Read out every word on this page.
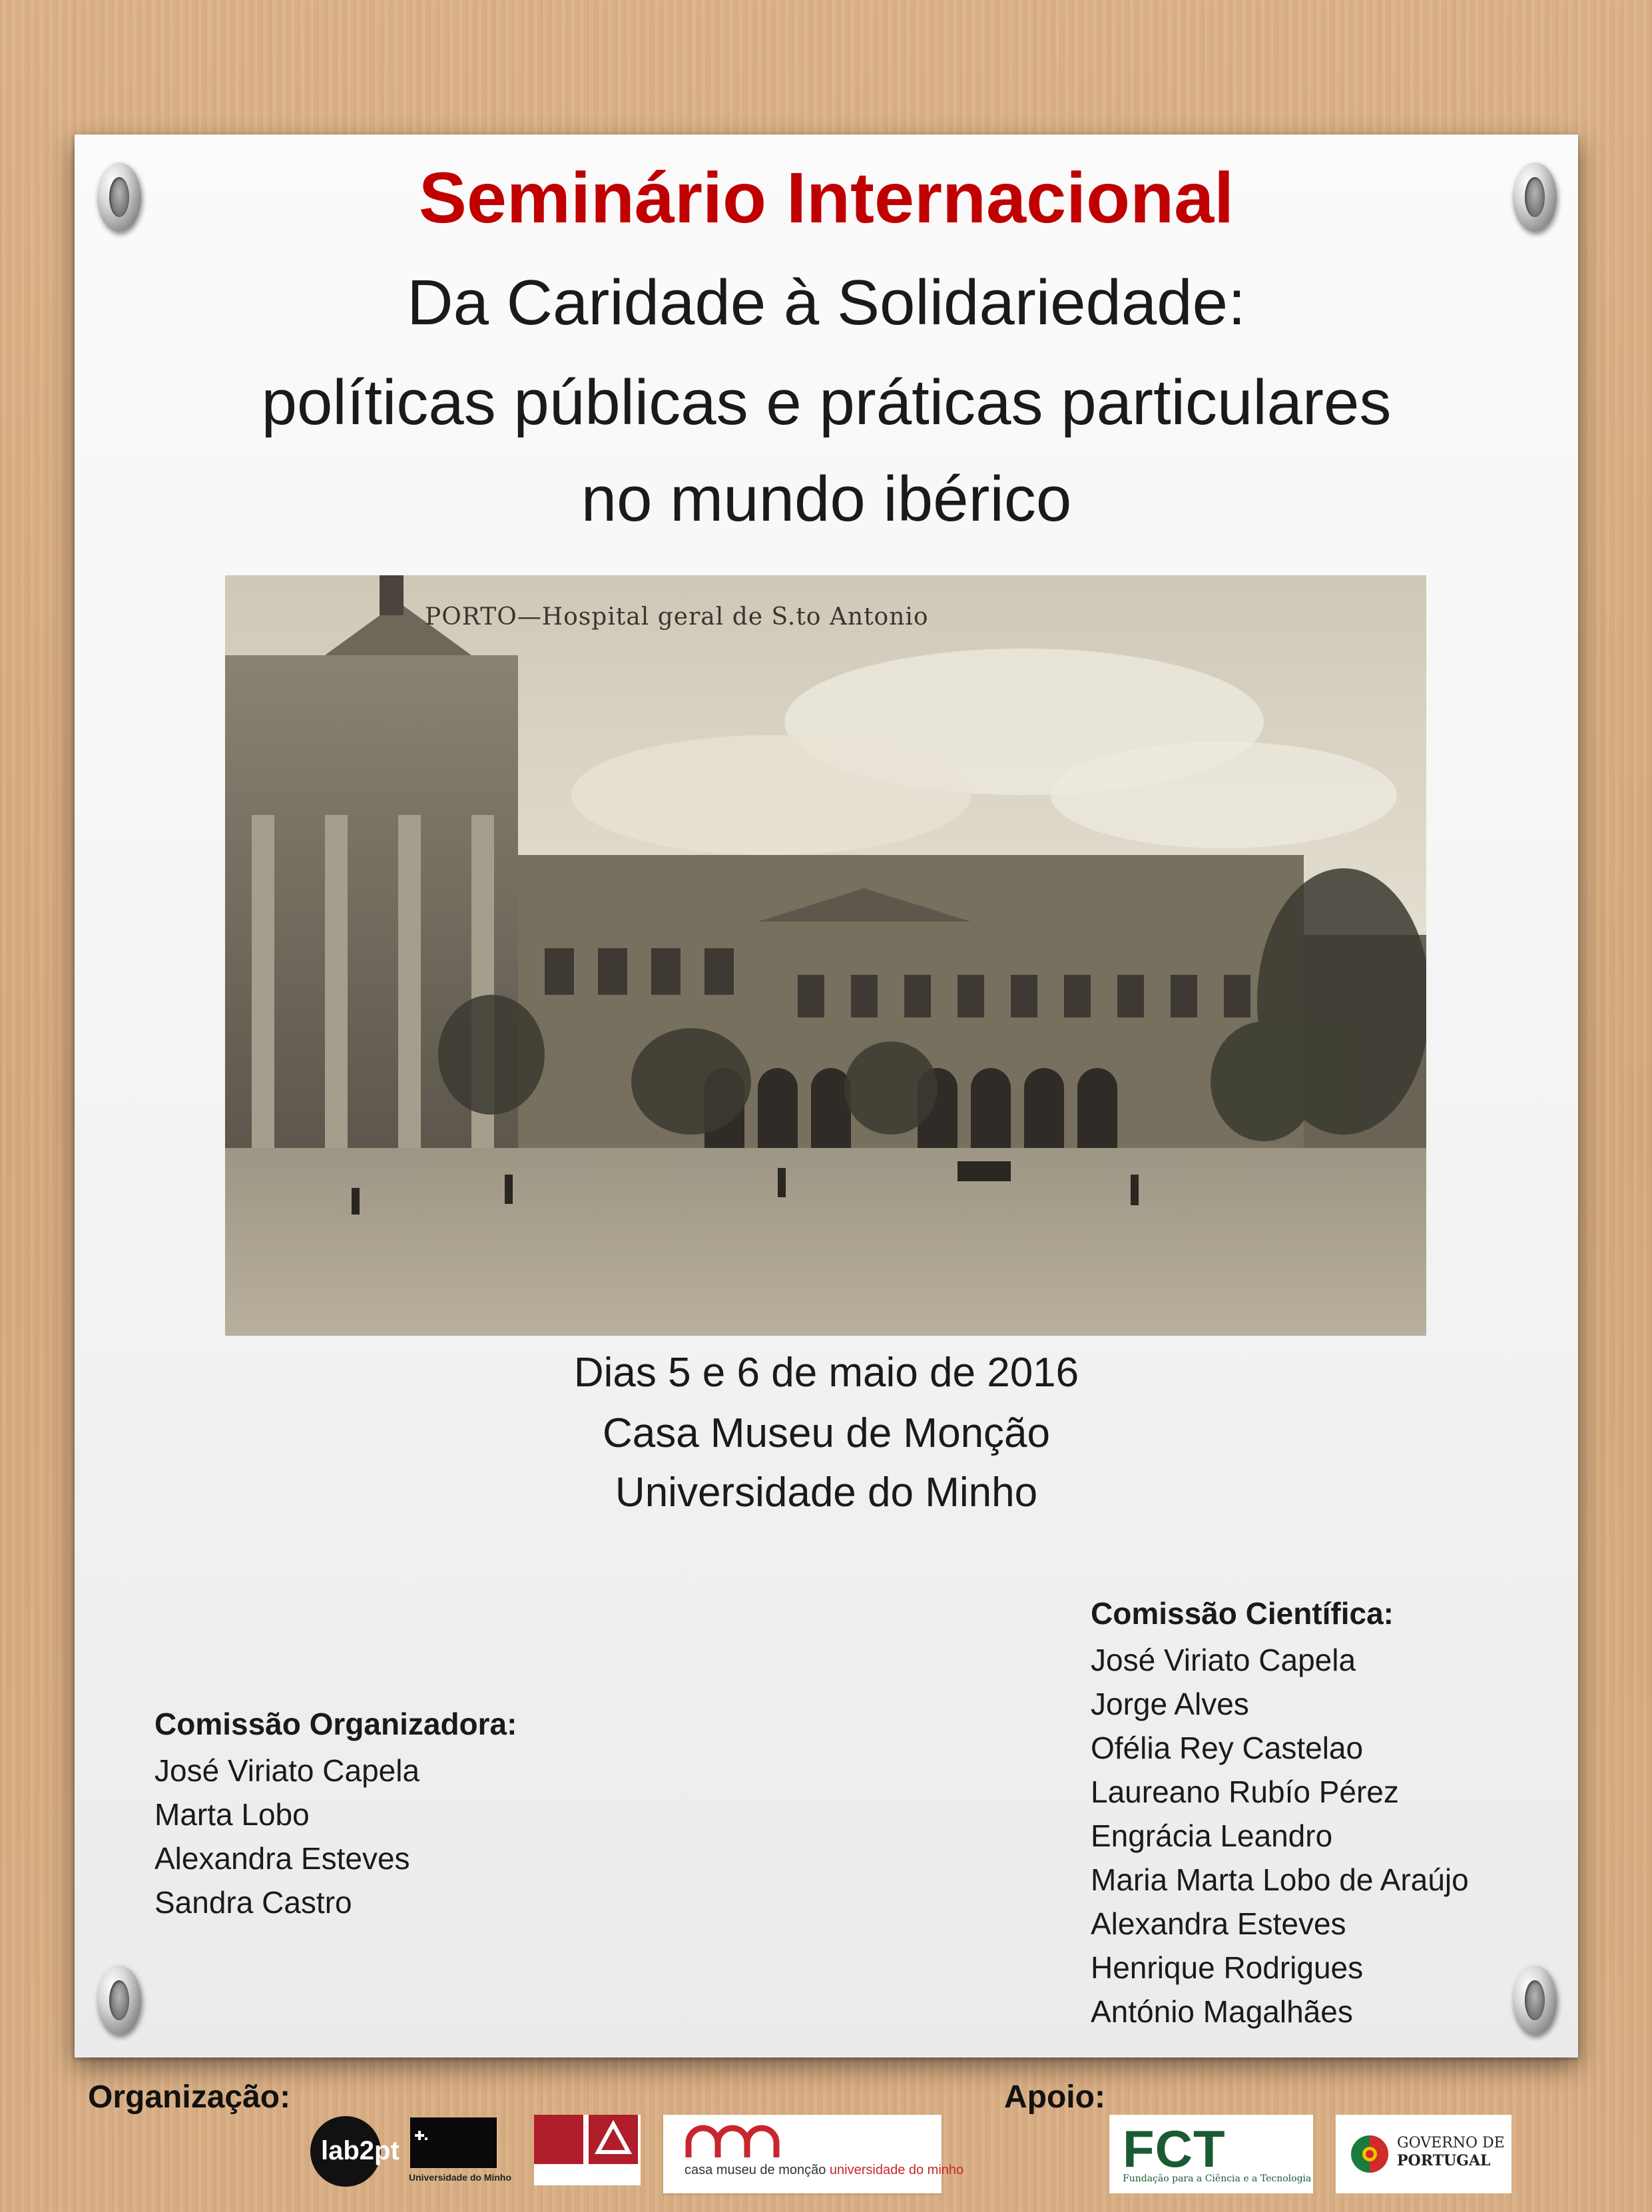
Seminário Internacional

Da Caridade à Solidariedade:

políticas públicas e práticas particulares

no mundo ibérico

PORTO—Hospital geral de S.to Antonio

Dias 5 e 6 de maio de 2016

Casa Museu de Monção

Universidade do Minho

Comissão Organizadora:
José Viriato Capela
Marta Lobo
Alexandra Esteves
Sandra Castro
Comissão Científica:
José Viriato Capela
Jorge Alves
Ofélia Rey Castelao
Laureano Rubío Pérez
Engrácia Leandro
Maria Marta Lobo de Araújo
Alexandra Esteves
Henrique Rodrigues
António Magalhães

Organização:	Apoio:

lab2pt
Universidade do Minho	casa museu de monção universidade do minho	FCT
Fundação para a Ciência e a Tecnologia
GOVERNO DE
PORTUGAL
